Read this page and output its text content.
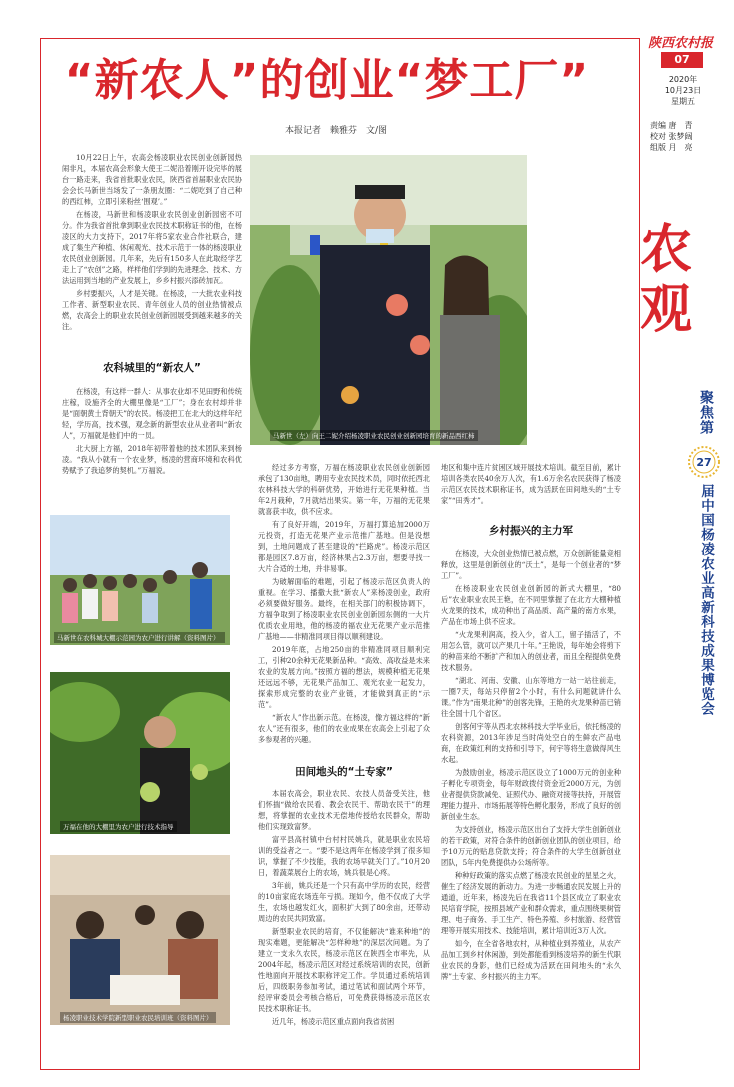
陕西农村报
07
2020年
10月23日
星期五
责编 唐　青
校对 张梦阔
组版 月　亮
农观
聚焦第
27
届中国杨凌农业高新科技成果博览会
“新农人”的创业“梦工厂”
本报记者　赖雅芬　文/图

10月22日上午，农高会杨凌职业农民创业创新园热闹非凡，本届农高会形象大使王二妮沿着刚开设完毕的展台一路走来，我省首批职业农民，陕西省首届职业农民协会会长马新世当场发了一条朋友圈：“二妮吃到了自己种的西红柿，立即引来粉丝‘围观’。”

在杨凌，马新世和杨凌职业农民创业创新园密不可分。作为我省首批拿到职业农民技术职称证书的他，在杨凌区的大力支持下，2017年将5家农业合作社联合，建成了集生产种植、休闲观光、技术示范于一体的杨凌职业农民创业创新园。几年来，先后有150多人在此取经学艺走上了“农创”之路，样样他们学到的先进理念、技术、方法运用到当地的产业发展上，乡乡村振兴添砖加瓦。

乡村要振兴，人才是关键。在杨凌，一大批农业科技工作者、新型职业农民、青年创业人员的创业热情被点燃，农高会上的职业农民创业创新园展受到越来越多的关注。

农科城里的“新农人”

在杨凌，有这样一群人：从事农业却不见田野和传统庄稼，设施齐全的大棚里像是“工厂”；身在农村却并非是“面朝黄土背朝天”的农民。杨凌把工在北大的这样年纪轻，学历高，技术强，观念新的新型农业从业者叫“新农人”，万福就是他们中的一员。

北大厨上方福，2018年初带着他的技术团队来到杨凌。“我从小就有一个农业梦，杨凌的营商环境和农科优势赋予了我追梦的契机。”万福说。

马新世（左）向王二妮介绍杨凌职业农民创业创新园培育的新品西红柿
马新世在农科城大棚示范园为农户进行讲解（资料图片）
万福在他的大棚里为农户进行技术指导
杨凌职业技术学院新型职业农民培训班（资料图片）

经过多方考察，万福在杨凌职业农民创业创新园承包了130亩地，聘用专业农民技术员，同时依托西北农林科技大学的科研优势，开始进行无花果种植。当年2月栽种，7月就结出果实。第一年，万福的无花果就喜获丰收，供不应求。

有了良好开端，2019年，万福打算追加2000万元投资，打造无花果产业示范推广基地。但是没想到，土地问题成了甚至建设的“拦路虎”。杨凌示范区都是园区7.8万亩，经济林果占2.3万亩，想要寻找一大片合适的土地，并非易事。

为破解面临的难题，引起了杨凌示范区负责人的重视。在学习、播撒大批“新农人”来杨凌创业，政府必须要做好服务。最终，在相关部门的积极协调下，方福争取到了杨凌职业农民创业创新园东侧的一大片优质农业用地，他的杨凌的福农业无花果产业示范推广基地——非精准同项目得以顺利建设。

2019年底，占地250亩的非精准同项目顺利完工，引种20余种无花果新品种。“高效、高收益是未来农业的发展方向。”按照方福的想法，规模种植无花果还远远不够，无花果产品加工、观光农业一起发力，探索形成完整的农业产业链，才能做到真正的“示范”。

“新农人”作出新示范。在杨凌，像方福这样的“新农人”还有很多，他们的农业成果在农高会上引起了众多参观者的兴趣。

田间地头的“土专家”

本届农高会，职业农民、农技人员备受关注，他们怀揣“做给农民看、教会农民干、帮助农民干”的理想，将掌握的农业技术无偿地传授给农民群众，帮助他们实现致富梦。

富平县高村镇中台村村民姚兵，就是职业农民培训的受益者之一。“要不是这两年在杨凌学到了很多知识，掌握了不少技能，我的农场早就关门了。”10月20日，着蔬菜展台上的农场，姚兵很是心疼。

3年前，姚兵还是一个只有高中学历的农民，经营的10亩家庭农场连年亏损。现如今，他不仅成了大学生，农场也越发红火，面积扩大到了80余亩，还带动周边的农民共同致富。

新型职业农民的培育，不仅能解决“谁来种地”的现实难题，更能解决“怎样种地”的深层次问题。为了建立一支永久农民，杨凌示范区在陕西全市率先，从2004年起，杨凌示范区对经过系统培训的农民，创新性地面向开展技术职称评定工作。学员通过系统培训后，四级职务参加考试，通过笔试和面试两个环节，经评审委员会考核合格后，可免费获得杨凌示范区农民技术职称证书。

近几年，杨凌示范区重点面向我省贫困

地区和集中连片贫困区域开展技术培训。截至目前，累计培训各类农民40余万人次，有1.6万余名农民获得了杨凌示范区农民技术职称证书，成为活跃在田间地头的“土专家”“田秀才”。

乡村振兴的主力军

在杨凌，大众创业热情已被点燃，万众创新能量竞相释放，这里是创新创业的“沃土”，是每一个创业者的“梦工厂”。

在杨凌职业农民创业创新园的新式大棚里，“80后”农业职业农民王艳，在不同里掌握了在北方大棚种植火龙果的技术，成功种出了高品质、高产量的南方水果，产品在市场上供不应求。

“火龙果利润高，投入少，省人工，留子插活了，不用怎么管，就可以产果几十年。”王艳说，每年她会将剪下的种苗来给不断扩产和加入的创业者，而且全程提供免费技术服务。

“湖北、河南、安徽、山东等地方一站一站往前走，一圈7天，每站只停留2个小时，有什么问题就讲什么课。”作为“南果北种”的创客先锋，王艳的火龙果种苗已销往全国十几个省区。

创客何宇等从西北农林科技大学毕业后，依托杨凌的农科资源，2013年涉足当时尚处空白的生鲜农产品电商，在政策红利的支持和引导下，何宇等将生意做得风生水起。

为鼓励创业，杨凌示范区设立了1000万元的创业种子孵化专项资金，每年财政拨付资金近2000万元，为创业者提供贷款减免、证照代办、融资对接等扶持，开展管理能力提升、市场拓展等特色孵化服务，形成了良好的创新创业生态。

为支持创业，杨凌示范区出台了支持大学生创新创业的若干政策，对符合条件的创新创业团队的创业项目，给予10万元的贴息贷款支持；符合条件的大学生创新创业团队，5年内免费提供办公场所等。

种种好政策的落实点燃了杨凌农民创业的星星之火，催生了经济发展的新动力。为进一步畅通农民发展上升的通道，近年来，杨凌先后在我省11个县区成立了职业农民培育学院，按照县域产业和群众需求，重点围绕果树管理、电子商务、手工生产、特色养殖、乡村旅游、经营管理等开展实用技术、技能培训，累计培训近3万人次。

如今，在全省各地农村，从种植业到养殖业，从农产品加工到乡村休闲游，到处都能看到杨凌培养的新生代职业农民的身影，他们已经成为活跃在田间地头的“永久牌”土专家、乡村振兴的主力军。
